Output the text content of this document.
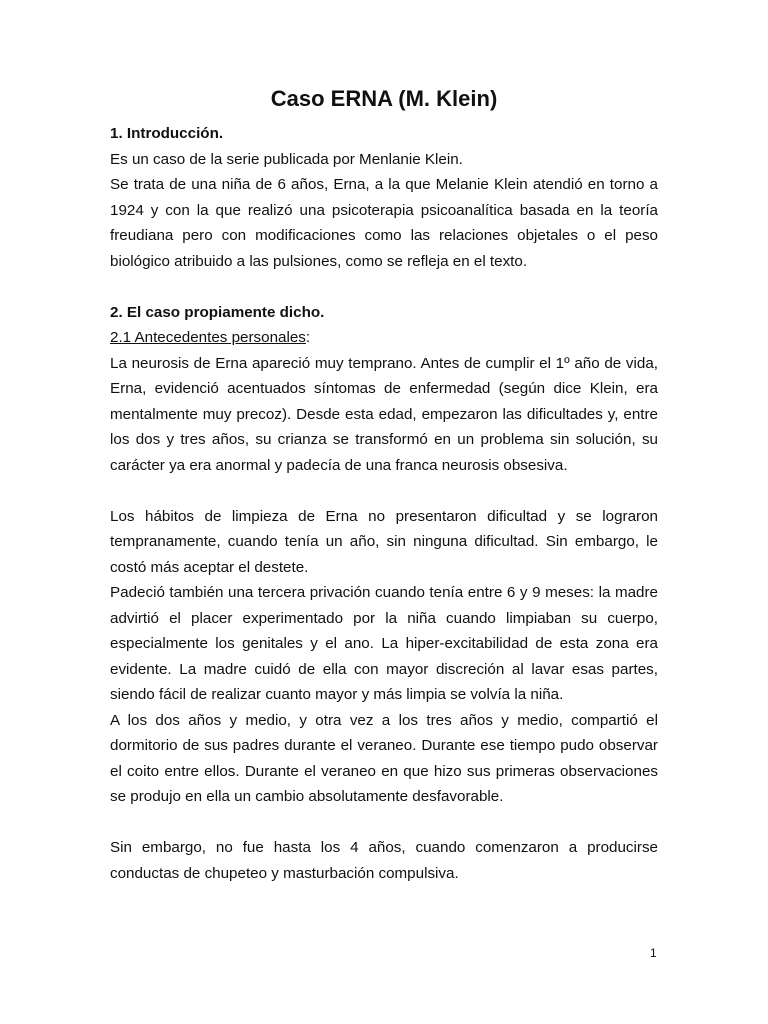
Caso ERNA (M. Klein)

1. Introducción.

Es un caso de la serie publicada por Menlanie Klein.

Se trata de una niña de 6 años, Erna, a la que Melanie Klein atendió en torno a 1924 y con la que realizó una psicoterapia psicoanalítica basada en la teoría freudiana pero con modificaciones como las relaciones objetales o el peso biológico atribuido a las pulsiones, como se refleja en el texto.

2. El caso propiamente dicho.

2.1 Antecedentes personales:

La neurosis de Erna apareció muy temprano. Antes de cumplir el 1º año de vida, Erna, evidenció acentuados síntomas de enfermedad (según dice Klein, era mentalmente muy precoz). Desde esta edad, empezaron las dificultades y, entre los dos y tres años, su crianza se transformó en un problema sin solución, su carácter ya era anormal y padecía de una franca neurosis obsesiva.

Los hábitos de limpieza de Erna no presentaron dificultad y se lograron tempranamente, cuando tenía un año, sin ninguna dificultad. Sin embargo, le costó más aceptar el destete.

Padeció también una tercera privación cuando tenía entre 6 y 9 meses: la madre advirtió el placer experimentado por la niña cuando limpiaban su cuerpo, especialmente los genitales y el ano. La hiper-excitabilidad de esta zona era evidente. La madre cuidó de ella con mayor discreción al lavar esas partes, siendo fácil de realizar cuanto mayor y más limpia se volvía la niña.

A los dos años y medio, y otra vez a los tres años y medio, compartió el dormitorio de sus padres durante el veraneo. Durante ese tiempo pudo observar el coito entre ellos. Durante el veraneo en que hizo sus primeras observaciones se produjo en ella un cambio absolutamente desfavorable.

Sin embargo, no fue hasta los 4 años, cuando comenzaron a producirse conductas de chupeteo y masturbación compulsiva.

1
